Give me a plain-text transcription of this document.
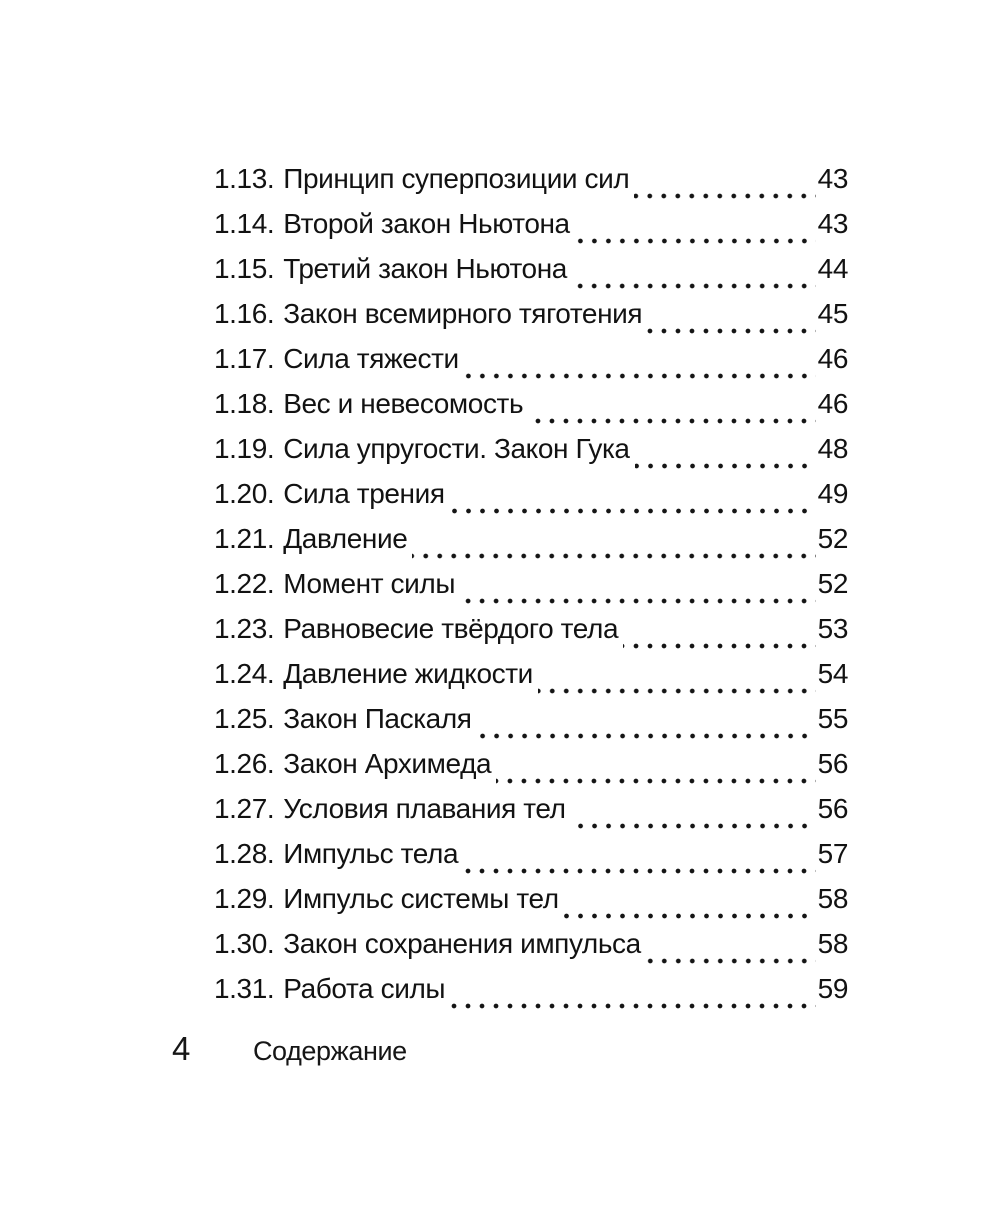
1.13. Принцип суперпозиции сил	43
1.14. Второй закон Ньютона	43
1.15. Третий закон Ньютона	44
1.16. Закон всемирного тяготения	45
1.17. Сила тяжести	46
1.18. Вес и невесомость	46
1.19. Сила упругости. Закон Гука	48
1.20. Сила трения	49
1.21. Давление	52
1.22. Момент силы	52
1.23. Равновесие твёрдого тела	53
1.24. Давление жидкости	54
1.25. Закон Паскаля	55
1.26. Закон Архимеда	56
1.27. Условия плавания тел	56
1.28. Импульс тела	57
1.29. Импульс системы тел	58
1.30. Закон сохранения импульса	58
1.31. Работа силы	59
4 Содержание
